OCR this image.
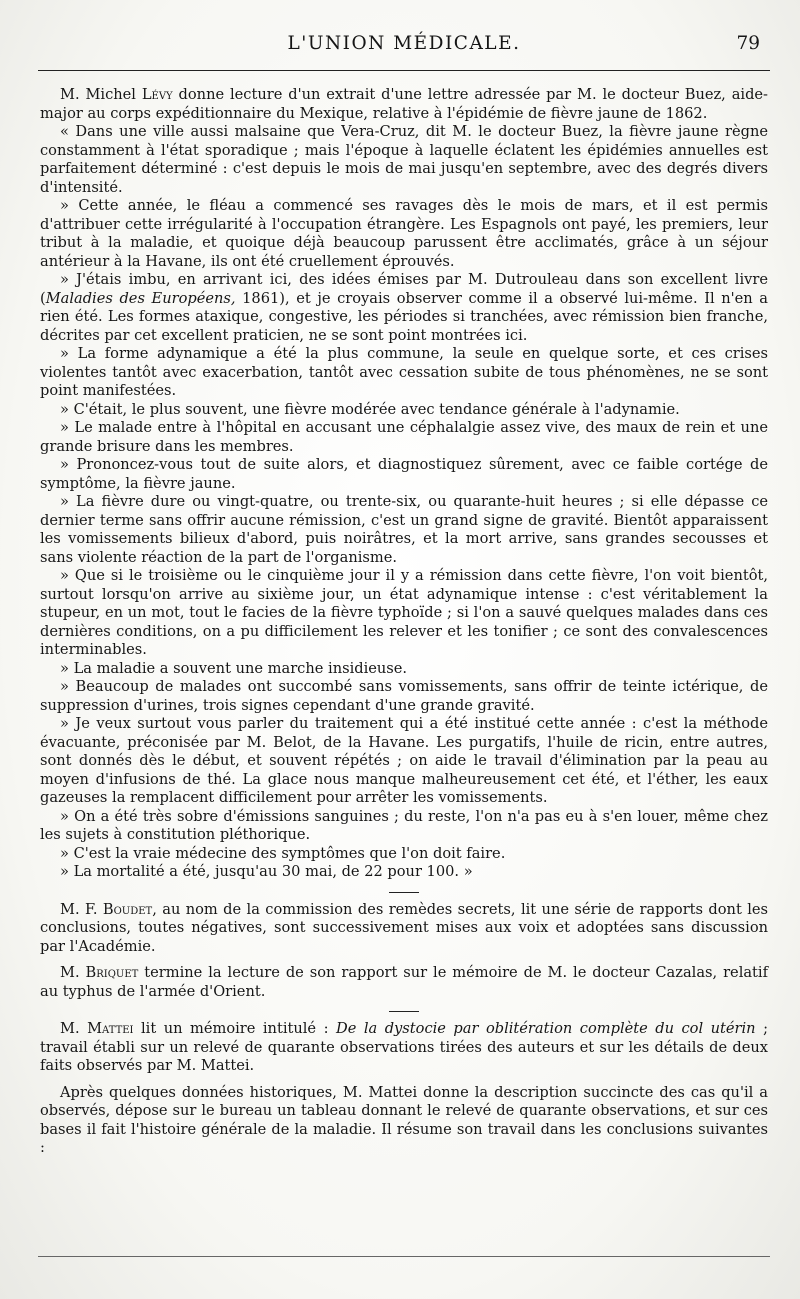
L'UNION MÉDICALE.	79

M. Michel Lévy donne lecture d'un extrait d'une lettre adressée par M. le docteur Buez, aide-major au corps expéditionnaire du Mexique, relative à l'épidémie de fièvre jaune de 1862.

« Dans une ville aussi malsaine que Vera-Cruz, dit M. le docteur Buez, la fièvre jaune règne constamment à l'état sporadique ; mais l'époque à laquelle éclatent les épidémies annuelles est parfaitement déterminé : c'est depuis le mois de mai jusqu'en septembre, avec des degrés divers d'intensité.

» Cette année, le fléau a commencé ses ravages dès le mois de mars, et il est permis d'attribuer cette irrégularité à l'occupation étrangère. Les Espagnols ont payé, les premiers, leur tribut à la maladie, et quoique déjà beaucoup parussent être acclimatés, grâce à un séjour antérieur à la Havane, ils ont été cruellement éprouvés.

» J'étais imbu, en arrivant ici, des idées émises par M. Dutrouleau dans son excellent livre (Maladies des Européens, 1861), et je croyais observer comme il a observé lui-même. Il n'en a rien été. Les formes ataxique, congestive, les périodes si tranchées, avec rémission bien franche, décrites par cet excellent praticien, ne se sont point montrées ici.

» La forme adynamique a été la plus commune, la seule en quelque sorte, et ces crises violentes tantôt avec exacerbation, tantôt avec cessation subite de tous phénomènes, ne se sont point manifestées.

» C'était, le plus souvent, une fièvre modérée avec tendance générale à l'adynamie.

» Le malade entre à l'hôpital en accusant une céphalalgie assez vive, des maux de rein et une grande brisure dans les membres.

» Prononcez-vous tout de suite alors, et diagnostiquez sûrement, avec ce faible cortége de symptôme, la fièvre jaune.

» La fièvre dure ou vingt-quatre, ou trente-six, ou quarante-huit heures ; si elle dépasse ce dernier terme sans offrir aucune rémission, c'est un grand signe de gravité. Bientôt apparaissent les vomissements bilieux d'abord, puis noirâtres, et la mort arrive, sans grandes secousses et sans violente réaction de la part de l'organisme.

» Que si le troisième ou le cinquième jour il y a rémission dans cette fièvre, l'on voit bientôt, surtout lorsqu'on arrive au sixième jour, un état adynamique intense : c'est véritablement la stupeur, en un mot, tout le facies de la fièvre typhoïde ; si l'on a sauvé quelques malades dans ces dernières conditions, on a pu difficilement les relever et les tonifier ; ce sont des convalescences interminables.

» La maladie a souvent une marche insidieuse.

» Beaucoup de malades ont succombé sans vomissements, sans offrir de teinte ictérique, de suppression d'urines, trois signes cependant d'une grande gravité.

» Je veux surtout vous parler du traitement qui a été institué cette année : c'est la méthode évacuante, préconisée par M. Belot, de la Havane. Les purgatifs, l'huile de ricin, entre autres, sont donnés dès le début, et souvent répétés ; on aide le travail d'élimination par la peau au moyen d'infusions de thé. La glace nous manque malheureusement cet été, et l'éther, les eaux gazeuses la remplacent difficilement pour arrêter les vomissements.

» On a été très sobre d'émissions sanguines ; du reste, l'on n'a pas eu à s'en louer, même chez les sujets à constitution pléthorique.

» C'est la vraie médecine des symptômes que l'on doit faire.

» La mortalité a été, jusqu'au 30 mai, de 22 pour 100. »

M. F. Boudet, au nom de la commission des remèdes secrets, lit une série de rapports dont les conclusions, toutes négatives, sont successivement mises aux voix et adoptées sans discussion par l'Académie.

M. Briquet termine la lecture de son rapport sur le mémoire de M. le docteur Cazalas, relatif au typhus de l'armée d'Orient.

M. Mattei lit un mémoire intitulé : De la dystocie par oblitération complète du col utérin ; travail établi sur un relevé de quarante observations tirées des auteurs et sur les détails de deux faits observés par M. Mattei.

Après quelques données historiques, M. Mattei donne la description succincte des cas qu'il a observés, dépose sur le bureau un tableau donnant le relevé de quarante observations, et sur ces bases il fait l'histoire générale de la maladie. Il résume son travail dans les conclusions suivantes :
